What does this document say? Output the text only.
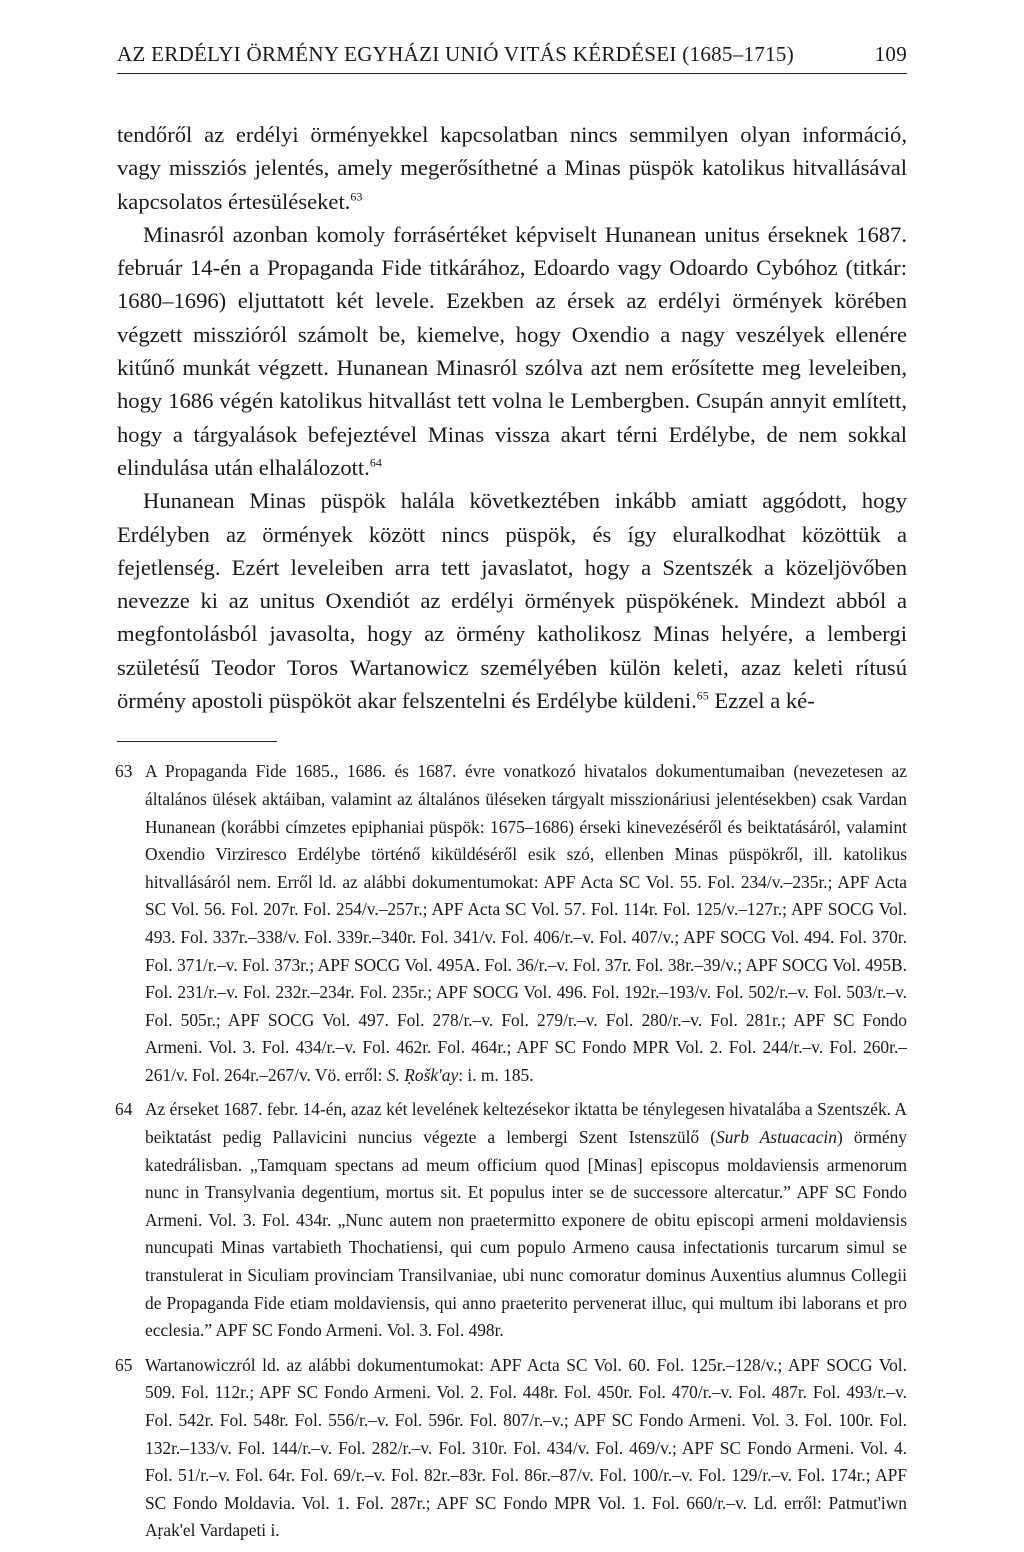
AZ ERDÉLYI ÖRMÉNY EGYHÁZI UNIÓ VITÁS KÉRDÉSEI (1685–1715)	109

tendőről az erdélyi örményekkel kapcsolatban nincs semmilyen olyan információ, vagy missziós jelentés, amely megerősíthetné a Minas püspök katolikus hitvallásával kapcsolatos értesüléseket.$^{63}$

Minasról azonban komoly forrásértéket képviselt Hunanean unitus érseknek 1687. február 14-én a Propaganda Fide titkárához, Edoardo vagy Odoardo Cybóhoz (titkár: 1680–1696) eljuttatott két levele. Ezekben az érsek az erdélyi örmények körében végzett misszióról számolt be, kiemelve, hogy Oxendio a nagy veszélyek ellenére kitűnő munkát végzett. Hunanean Minasról szólva azt nem erősítette meg leveleiben, hogy 1686 végén katolikus hitvallást tett volna le Lembergben. Csupán annyit említett, hogy a tárgyalások befejeztével Minas vissza akart térni Erdélybe, de nem sokkal elindulása után elhalálozott.$^{64}$

Hunanean Minas püspök halála következtében inkább amiatt aggódott, hogy Erdélyben az örmények között nincs püspök, és így eluralkodhat közöttük a fejetlenség. Ezért leveleiben arra tett javaslatot, hogy a Szentszék a közeljövőben nevezze ki az unitus Oxendiót az erdélyi örmények püspökének. Mindezt abból a megfontolásból javasolta, hogy az örmény katholikosz Minas helyére, a lembergi születésű Teodor Toros Wartanowicz személyében külön keleti, azaz keleti rítusú örmény apostoli püspököt akar felszentelni és Erdélybe küldeni.$^{65}$ Ezzel a ké-

63 A Propaganda Fide 1685., 1686. és 1687. évre vonatkozó hivatalos dokumentumaiban (nevezetesen az általános ülések aktáiban, valamint az általános üléseken tárgyalt misszionáriusi jelentésekben) csak Vardan Hunanean (korábbi címzetes epiphaniai püspök: 1675–1686) érseki kinevezéséről és beiktatásáról, valamint Oxendio Virziresco Erdélybe történő kiküldéséről esik szó, ellenben Minas püspökről, ill. katolikus hitvallásáról nem. Erről ld. az alábbi dokumentumokat: APF Acta SC Vol. 55. Fol. 234/v.–235r.; APF Acta SC Vol. 56. Fol. 207r. Fol. 254/v.–257r.; APF Acta SC Vol. 57. Fol. 114r. Fol. 125/v.–127r.; APF SOCG Vol. 493. Fol. 337r.–338/v. Fol. 339r.–340r. Fol. 341/v. Fol. 406/r.–v. Fol. 407/v.; APF SOCG Vol. 494. Fol. 370r. Fol. 371/r.–v. Fol. 373r.; APF SOCG Vol. 495A. Fol. 36/r.–v. Fol. 37r. Fol. 38r.–39/v.; APF SOCG Vol. 495B. Fol. 231/r.–v. Fol. 232r.–234r. Fol. 235r.; APF SOCG Vol. 496. Fol. 192r.–193/v. Fol. 502/r.–v. Fol. 503/r.–v. Fol. 505r.; APF SOCG Vol. 497. Fol. 278/r.–v. Fol. 279/r.–v. Fol. 280/r.–v. Fol. 281r.; APF SC Fondo Armeni. Vol. 3. Fol. 434/r.–v. Fol. 462r. Fol. 464r.; APF SC Fondo MPR Vol. 2. Fol. 244/r.–v. Fol. 260r.–261/v. Fol. 264r.–267/v. Vö. erről: S. Ṛošk'ay: i. m. 185.
64 Az érseket 1687. febr. 14-én, azaz két levelének keltezésekor iktatta be ténylegesen hivatalába a Szentszék. A beiktatást pedig Pallavicini nuncius végezte a lembergi Szent Istenszülő (Surb Astuacacin) örmény katedrálisban. „Tamquam spectans ad meum officium quod [Minas] episcopus moldaviensis armenorum nunc in Transylvania degentium, mortus sit. Et populus inter se de successore altercatur.” APF SC Fondo Armeni. Vol. 3. Fol. 434r. „Nunc autem non praetermitto exponere de obitu episcopi armeni moldaviensis nuncupati Minas vartabieth Thochatiensi, qui cum populo Armeno causa infectationis turcarum simul se transtulerat in Siculiam provinciam Transilvaniae, ubi nunc comoratur dominus Auxentius alumnus Collegii de Propaganda Fide etiam moldaviensis, qui anno praeterito pervenerat illuc, qui multum ibi laborans et pro ecclesia.” APF SC Fondo Armeni. Vol. 3. Fol. 498r.
65 Wartanowiczról ld. az alábbi dokumentumokat: APF Acta SC Vol. 60. Fol. 125r.–128/v.; APF SOCG Vol. 509. Fol. 112r.; APF SC Fondo Armeni. Vol. 2. Fol. 448r. Fol. 450r. Fol. 470/r.–v. Fol. 487r. Fol. 493/r.–v. Fol. 542r. Fol. 548r. Fol. 556/r.–v. Fol. 596r. Fol. 807/r.–v.; APF SC Fondo Armeni. Vol. 3. Fol. 100r. Fol. 132r.–133/v. Fol. 144/r.–v. Fol. 282/r.–v. Fol. 310r. Fol. 434/v. Fol. 469/v.; APF SC Fondo Armeni. Vol. 4. Fol. 51/r.–v. Fol. 64r. Fol. 69/r.–v. Fol. 82r.–83r. Fol. 86r.–87/v. Fol. 100/r.–v. Fol. 129/r.–v. Fol. 174r.; APF SC Fondo Moldavia. Vol. 1. Fol. 287r.; APF SC Fondo MPR Vol. 1. Fol. 660/r.–v. Ld. erről: Patmut'iwn Aṛak'el Vardapeti i.
